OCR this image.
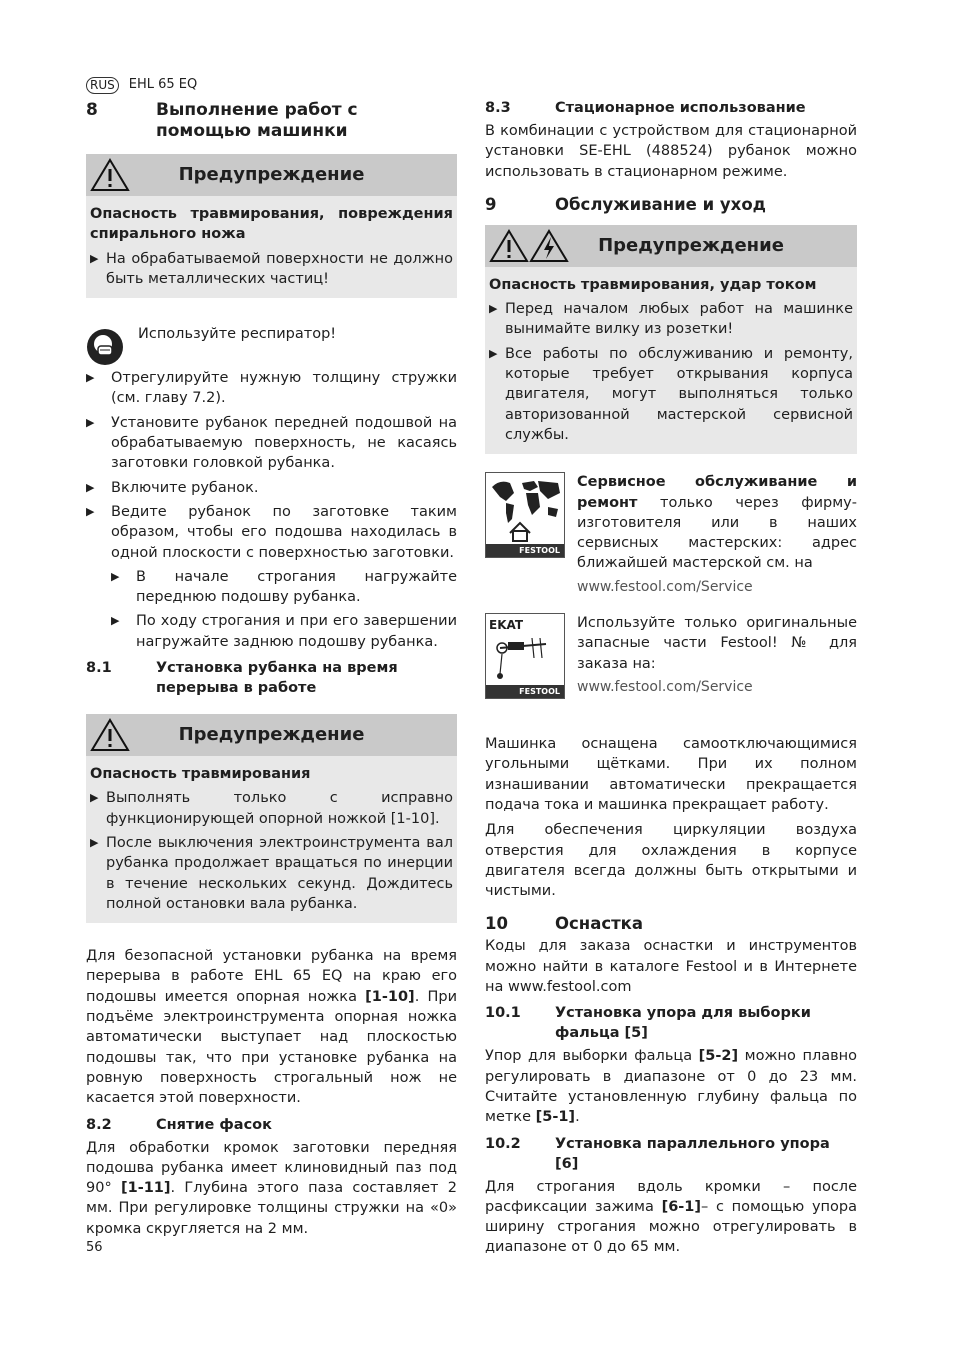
RUS	EHL 65 EQ
8	Выполнение работ с помощью машинки
Предупреждение
Опасность травмирования, повреждения спирального ножа
▶ На обрабатываемой поверхности не должно быть металлических частиц!

Используйте респиратор!
▶	Отрегулируйте нужную толщину стружки (см. главу 7.2).

▶	Установите рубанок передней подошвой на обрабатываемую поверхность, не касаясь заготовки головкой рубанка.

▶	Включите рубанок.

▶	Ведите рубанок по заготовке таким образом, чтобы его подошва находилась в одной плоскости с поверхностью заготовки.

▶	В начале строгания нагружайте переднюю подошву рубанка.

▶	По ходу строгания и при его завершении нагружайте заднюю подошву рубанка.

8.1	Установка рубанка на время перерыва в работе
Предупреждение
Опасность травмирования
▶ Выполнять только с исправно функционирующей опорной ножкой [1-10].

▶ После выключения электроинструмента вал рубанка продолжает вращаться по инерции в течение нескольких секунд. Дождитесь полной остановки вала рубанка.

Для безопасной установки рубанка на время перерыва в работе EHL 65 EQ на краю его подошвы имеется опорная ножка [1-10]. При подъёме электроинструмента опорная ножка автоматически выступает над плоскостью подошвы так, что при установке рубанка на ровную поверхность строгальный нож не касается этой поверхности.

8.2	Снятие фасок

Для обработки кромок заготовки передняя подошва рубанка имеет клиновидный паз под 90° [1-11]. Глубина этого паза составляет 2 мм. При регулировке толщины стружки на «0» кромка скругляется на 2 мм.

8.3	Стационарное использование

В комбинации с устройством для стационарной установки SE-EHL (488524) рубанок можно использовать в стационарном режиме.

9	Обслуживание и уход
Предупреждение
Опасность травмирования, удар током
▶ Перед началом любых работ на машинке вынимайте вилку из розетки!

▶ Все работы по обслуживанию и ремонту, которые требует открывания корпуса двигателя, могут выполняться только авторизованной мастерской сервисной службы.

FESTOOL

Сервисное обслуживание и ремонт только через фирму-изготовителя или в наших сервисных мастерских: адрес ближайшей мастерской см. на

www.festool.com/Service
EKAT
FESTOOL

Используйте только оригинальные запасные части Festool! № для заказа на:

www.festool.com/Service

Машинка оснащена самоотключающимися угольными щётками. При их полном изнашивании автоматически прекращается подача тока и машинка прекращает работу.

Для обеспечения циркуляции воздуха отверстия для охлаждения в корпусе двигателя всегда должны быть открытыми и чистыми.

10	Оснастка

Коды для заказа оснастки и инструментов можно найти в каталоге Festool и в Интернете на www.festool.com

10.1	Установка упора для выборки фальца [5]

Упор для выборки фальца [5-2] можно плавно регулировать в диапазоне от 0 до 23 мм. Считайте установленную глубину фальца по метке [5-1].

10.2	Установка параллельного упора [6]

Для строгания вдоль кромки – после расфиксации зажима [6-1]– с помощью упора ширину строгания можно отрегулировать в диапазоне от 0 до 65 мм.

56
